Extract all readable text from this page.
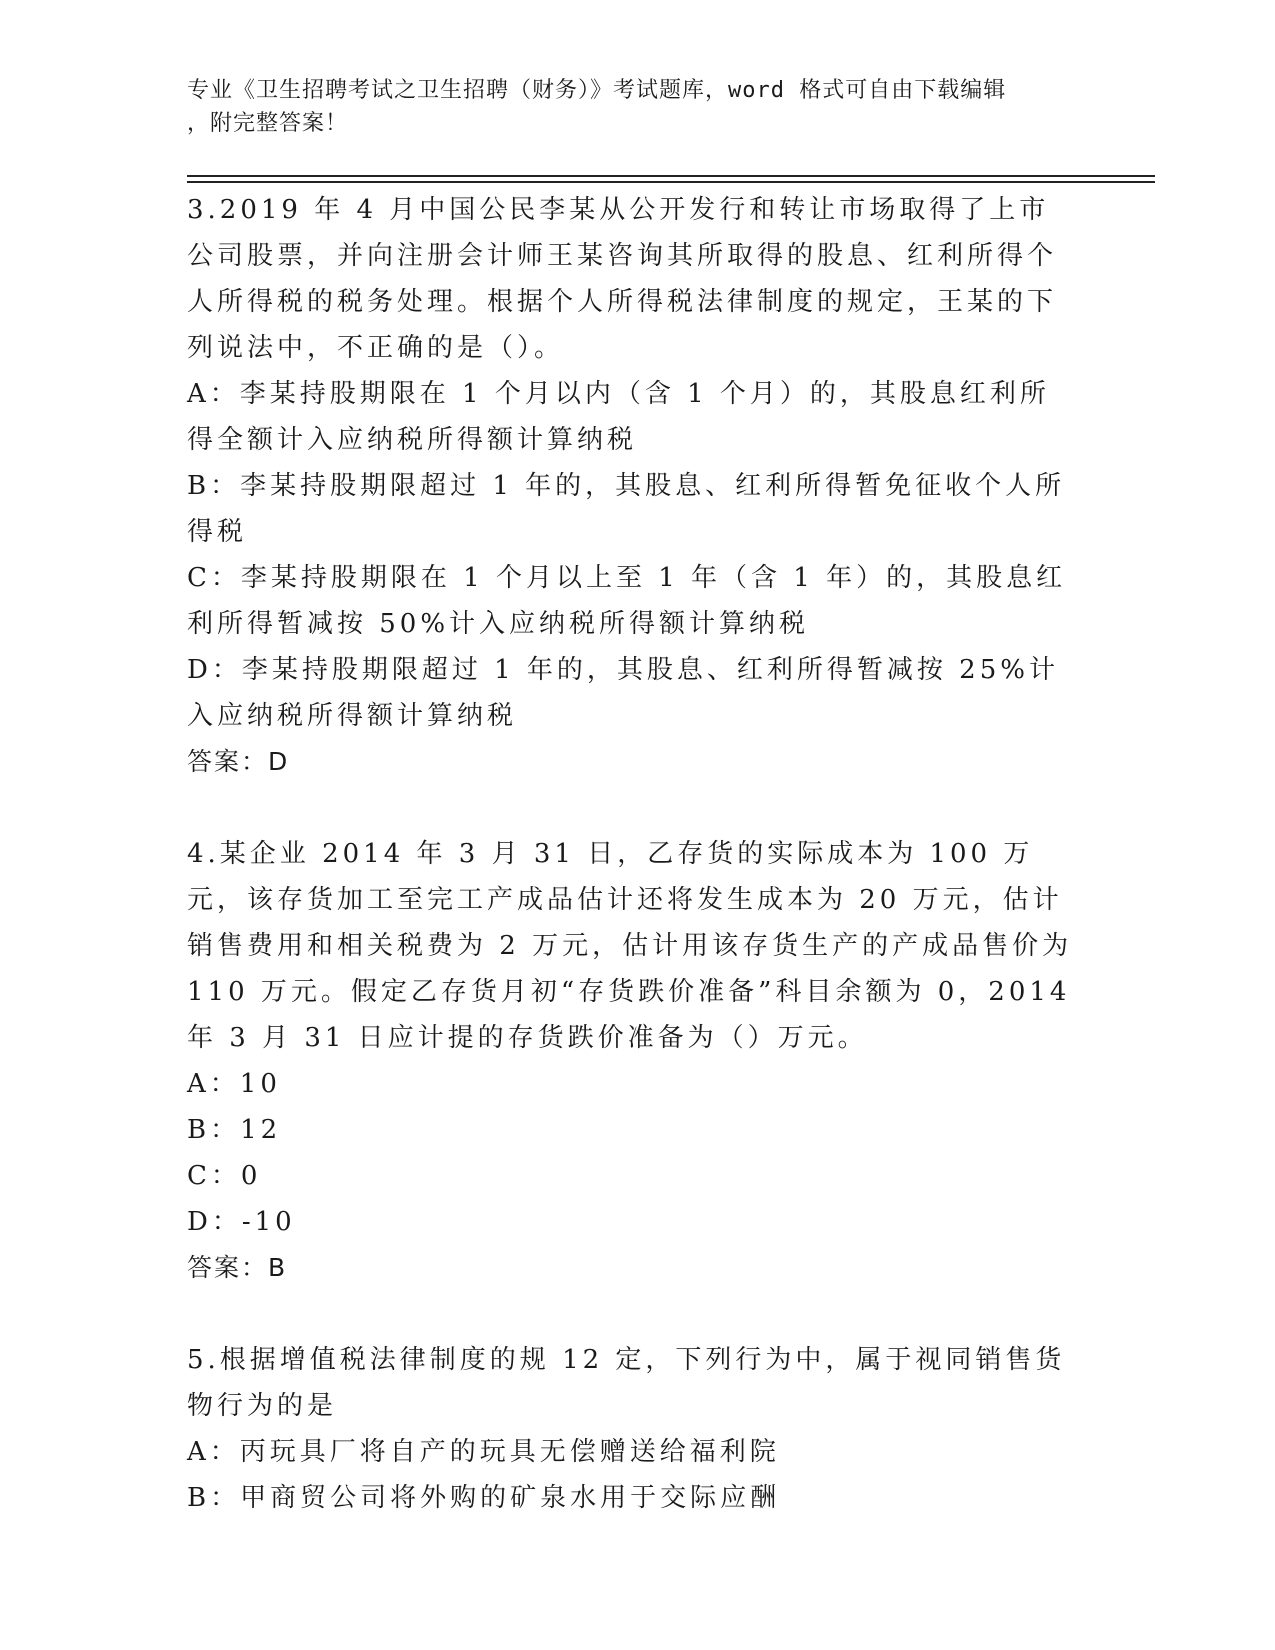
专业《卫生招聘考试之卫生招聘（财务）》考试题库，word 格式可自由下载编辑
，附完整答案！
3.2019 年 4 月中国公民李某从公开发行和转让市场取得了上市公司股票，并向注册会计师王某咨询其所取得的股息、红利所得个人所得税的税务处理。根据个人所得税法律制度的规定，王某的下列说法中，不正确的是（）。
A：李某持股期限在 1 个月以内（含 1 个月）的，其股息红利所得全额计入应纳税所得额计算纳税
B：李某持股期限超过 1 年的，其股息、红利所得暂免征收个人所得税
C：李某持股期限在 1 个月以上至 1 年（含 1 年）的，其股息红利所得暂减按 50%计入应纳税所得额计算纳税
D：李某持股期限超过 1 年的，其股息、红利所得暂减按 25%计入应纳税所得额计算纳税
答案：D
4.某企业 2014 年 3 月 31 日，乙存货的实际成本为 100 万元，该存货加工至完工产成品估计还将发生成本为 20 万元，估计销售费用和相关税费为 2 万元，估计用该存货生产的产成品售价为 110 万元。假定乙存货月初“存货跌价准备”科目余额为 0，2014 年 3 月 31 日应计提的存货跌价准备为（）万元。
A：10
B：12
C：0
D：-10
答案：B
5.根据增值税法律制度的规 12 定，下列行为中，属于视同销售货物行为的是
A：丙玩具厂将自产的玩具无偿赠送给福利院
B：甲商贸公司将外购的矿泉水用于交际应酬
